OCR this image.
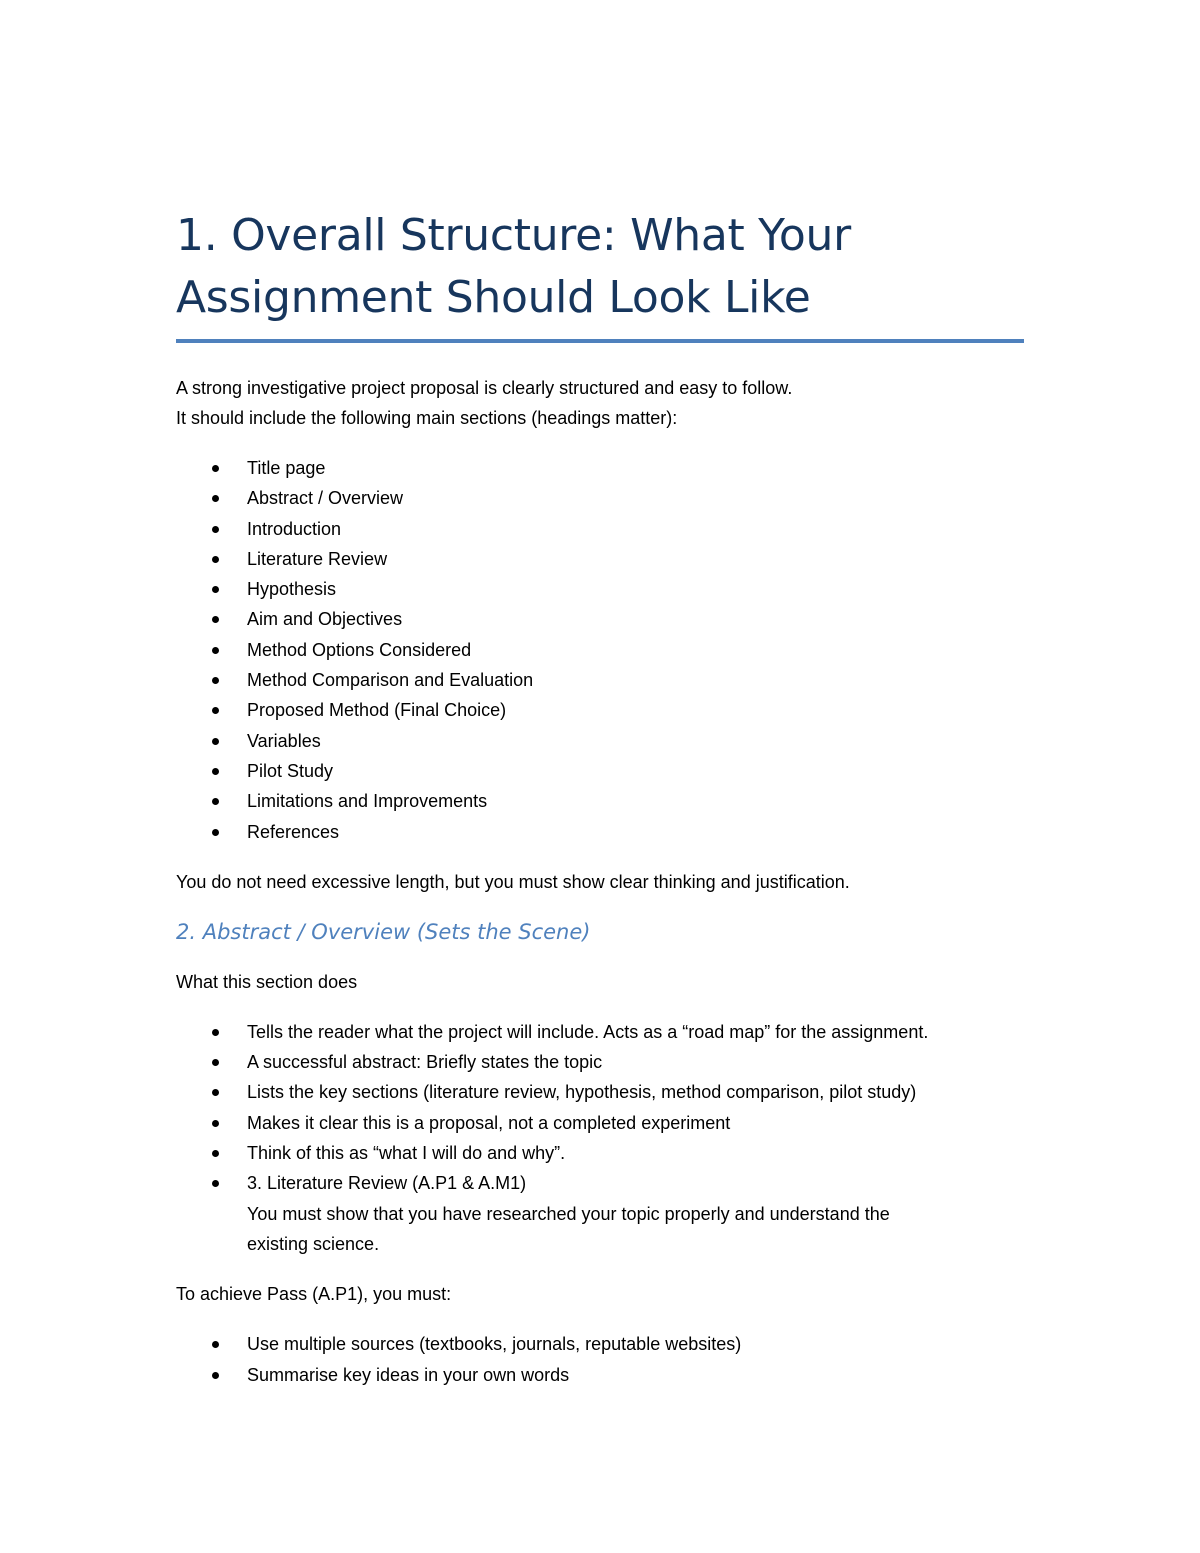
1. Overall Structure: What Your
Assignment Should Look Like

A strong investigative project proposal is clearly structured and easy to follow.
It should include the following main sections (headings matter):

Title page
Abstract / Overview
Introduction
Literature Review
Hypothesis
Aim and Objectives
Method Options Considered
Method Comparison and Evaluation
Proposed Method (Final Choice)
Variables
Pilot Study
Limitations and Improvements
References

You do not need excessive length, but you must show clear thinking and justification.

2. Abstract / Overview (Sets the Scene)

What this section does

Tells the reader what the project will include. Acts as a “road map” for the assignment.
A successful abstract: Briefly states the topic
Lists the key sections (literature review, hypothesis, method comparison, pilot study)
Makes it clear this is a proposal, not a completed experiment
Think of this as “what I will do and why”.
3. Literature Review (A.P1 & A.M1)
You must show that you have researched your topic properly and understand the
existing science.

To achieve Pass (A.P1), you must:

Use multiple sources (textbooks, journals, reputable websites)
Summarise key ideas in your own words
